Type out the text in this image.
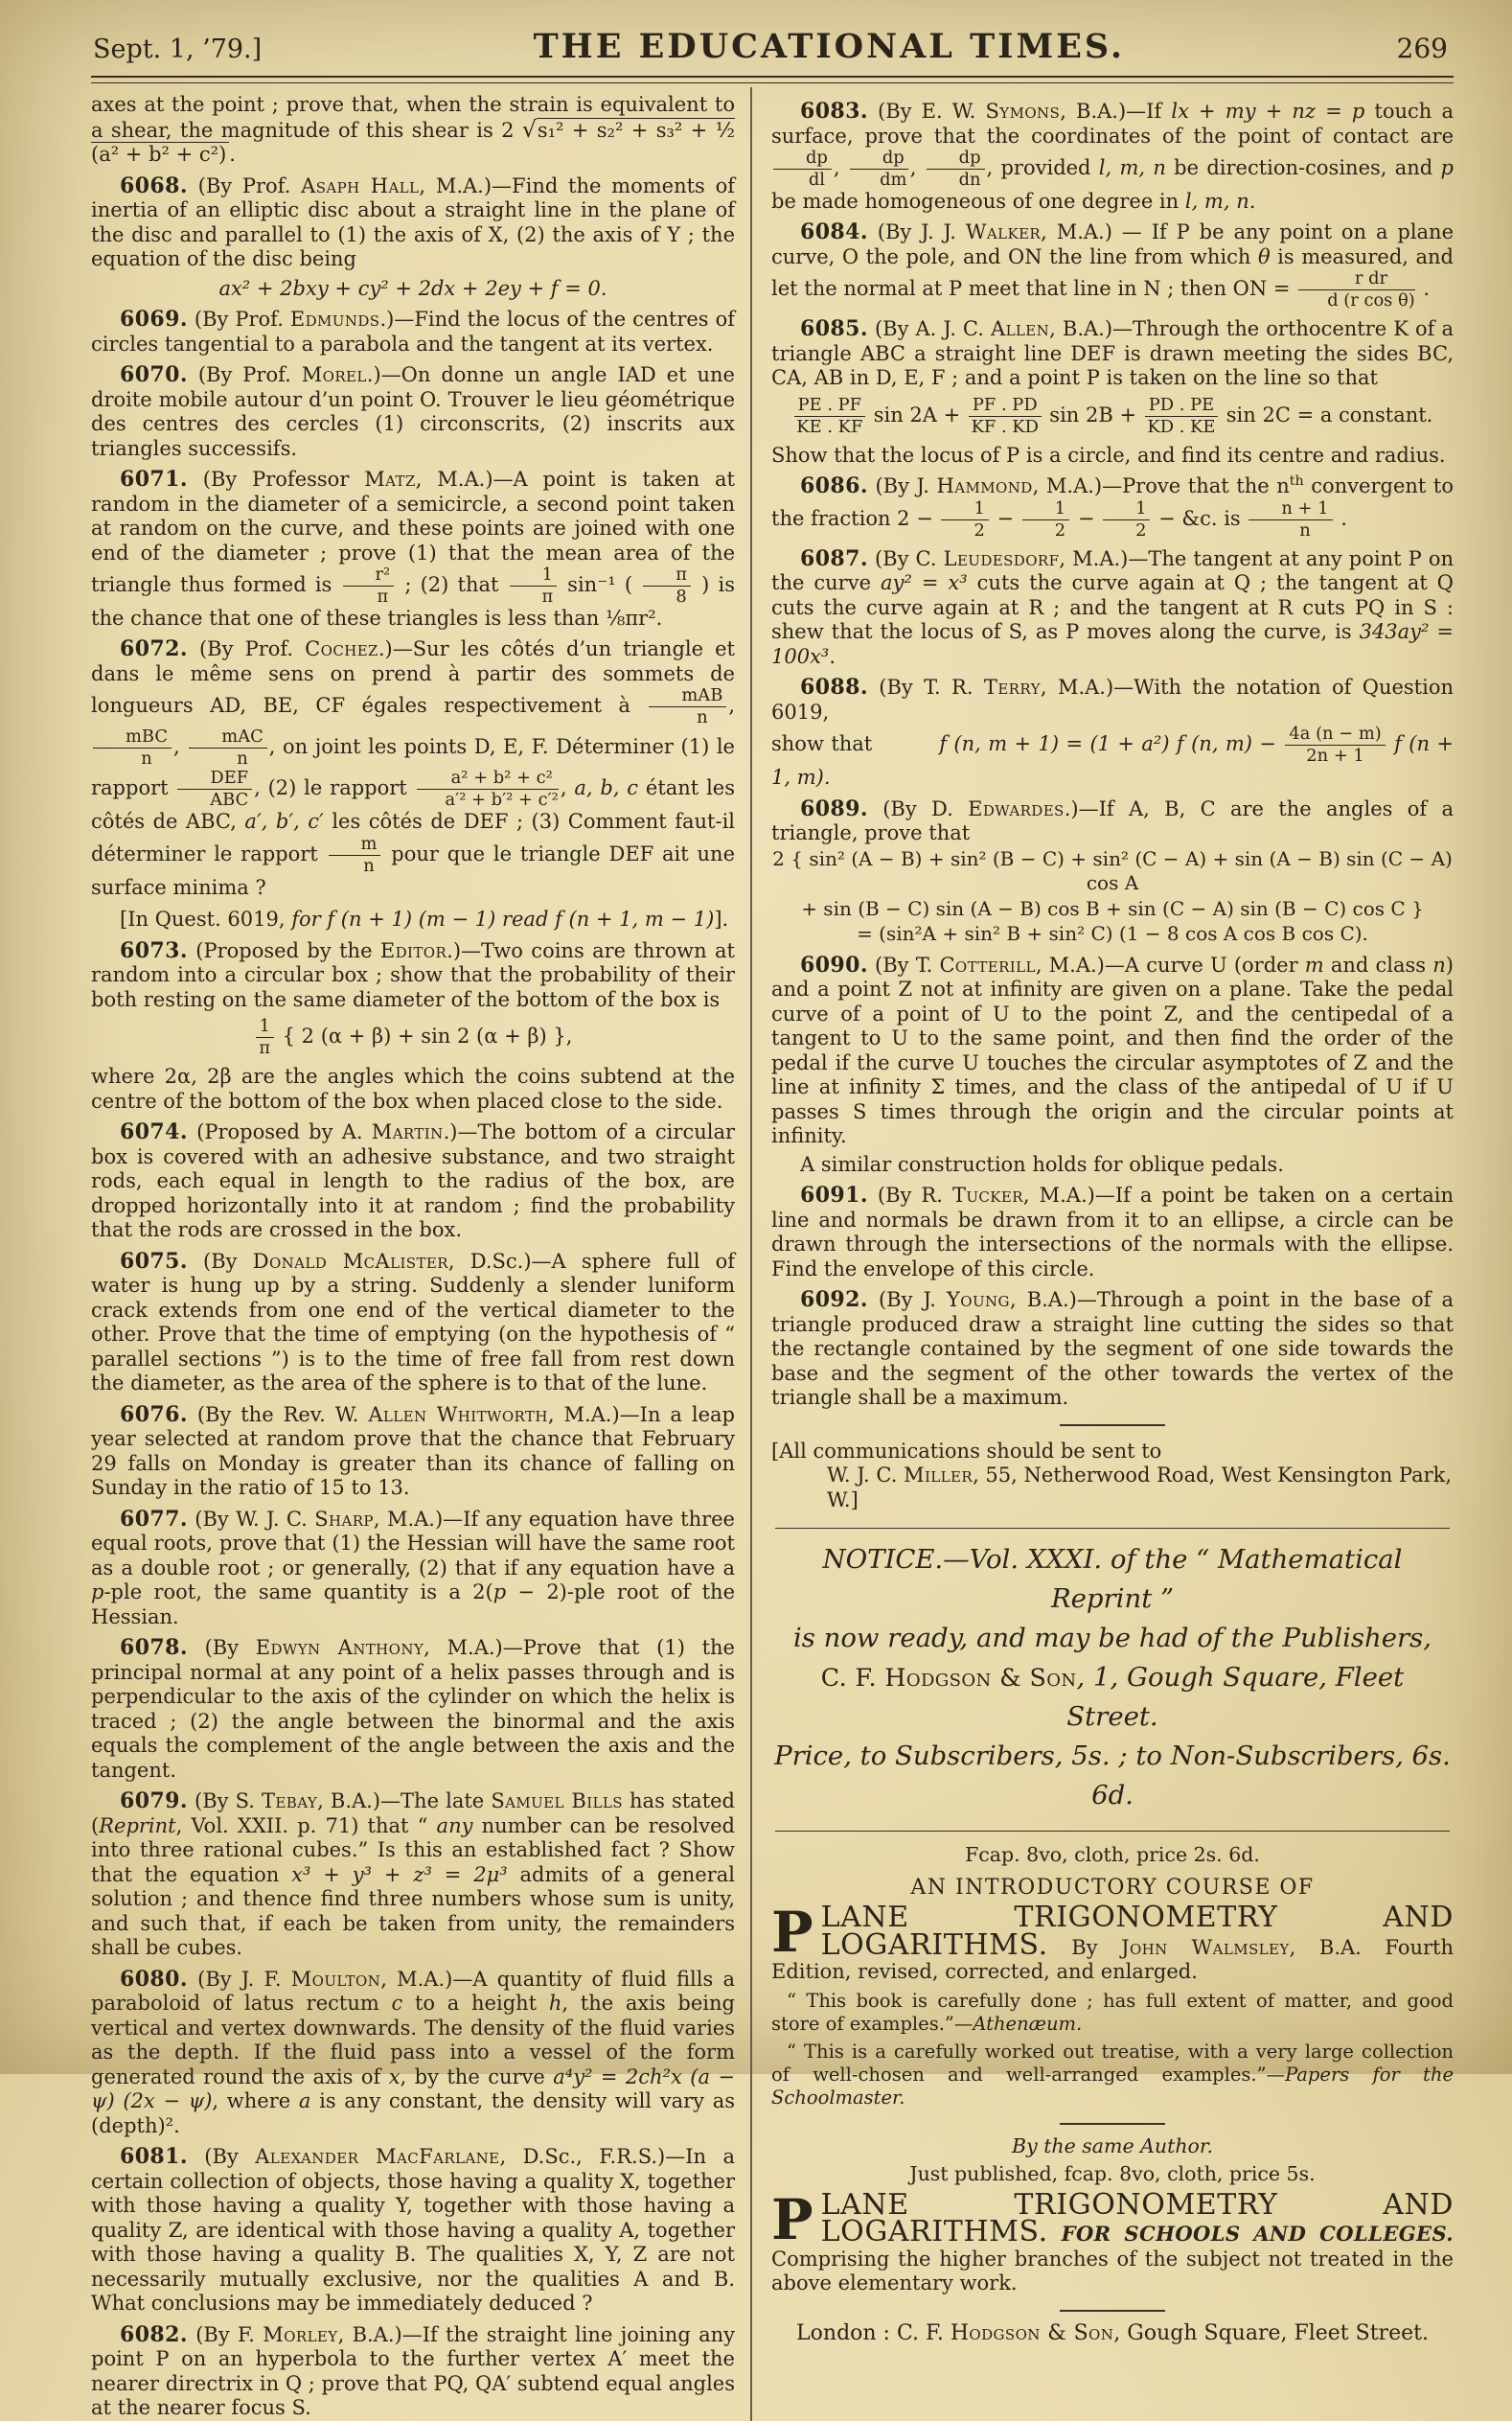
Sept. 1, ’79.]	THE EDUCATIONAL TIMES.	269
axes at the point ; prove that, when the strain is equivalent to a shear, the magnitude of this shear is 2 √s₁² + s₂² + s₃² + ½ (a² + b² + c²) .
6068. (By Prof. Asaph Hall, M.A.)—Find the moments of inertia of an elliptic disc about a straight line in the plane of the disc and parallel to (1) the axis of X, (2) the axis of Y ; the equation of the disc being
ax² + 2bxy + cy² + 2dx + 2ey + f = 0.
6069. (By Prof. Edmunds.)—Find the locus of the centres of circles tangential to a parabola and the tangent at its vertex.
6070. (By Prof. Morel.)—On donne un angle IAD et une droite mobile autour d’un point O. Trouver le lieu géométrique des centres des cercles (1) circonscrits, (2) inscrits aux triangles successifs.
6071. (By Professor Matz, M.A.)—A point is taken at random in the diameter of a semicircle, a second point taken at random on the curve, and these points are joined with one end of the diameter ; prove (1) that the mean area of the triangle thus formed is $\frac{\text{r²}}{\pi}$ ; (2) that $\frac{1}{\pi} \sin^{-1}$ ( $\frac{\pi}{8}$ ) is the chance that one of these triangles is less than ⅛πr².
6072. (By Prof. Cochez.)—Sur les côtés d’un triangle et dans le même sens on prend à partir des sommets de longueurs AD, BE, CF égales respectivement à $\frac{\text{mAB}}{n}$ ,
$\frac{\text{mBC}}{n}$ , $\frac{\text{mAC}}{n}$ , on joint les points D, E, F. Déterminer (1) le rapport $\frac{\text{DEF}}{\text{ABC}}$ , (2) le rapport $\frac{\text{a² + b² + c²}}{\text{a′² + b′² + c′²}}$ , a, b, c étant les côtés de ABC, a′, b′, c′ les côtés de DEF ; (3) Comment faut-il déterminer le rapport $\frac{m}{n}$ pour que le triangle DEF ait une surface minima ?
[In Quest. 6019, for f (n + 1) (m − 1) read f (n + 1, m − 1)].
6073. (Proposed by the Editor.)—Two coins are thrown at random into a circular box ; show that the probability of their both resting on the same diameter of the bottom of the box is
$\frac{1}{\pi}$ { 2 (α + β) + sin 2 (α + β) },
where 2α, 2β are the angles which the coins subtend at the centre of the bottom of the box when placed close to the side.
6074. (Proposed by A. Martin.)—The bottom of a circular box is covered with an adhesive substance, and two straight rods, each equal in length to the radius of the box, are dropped horizontally into it at random ; find the probability that the rods are crossed in the box.
6075. (By Donald McAlister, D.Sc.)—A sphere full of water is hung up by a string. Suddenly a slender luniform crack extends from one end of the vertical diameter to the other. Prove that the time of emptying (on the hypothesis of “ parallel sections ”) is to the time of free fall from rest down the diameter, as the area of the sphere is to that of the lune.
6076. (By the Rev. W. Allen Whitworth, M.A.)—In a leap year selected at random prove that the chance that February 29 falls on Monday is greater than its chance of falling on Sunday in the ratio of 15 to 13.
6077. (By W. J. C. Sharp, M.A.)—If any equation have three equal roots, prove that (1) the Hessian will have the same root as a double root ; or generally, (2) that if any equation have a p-ple root, the same quantity is a 2(p − 2)-ple root of the Hessian.
6078. (By Edwyn Anthony, M.A.)—Prove that (1) the principal normal at any point of a helix passes through and is perpendicular to the axis of the cylinder on which the helix is traced ; (2) the angle between the binormal and the axis equals the complement of the angle between the axis and the tangent.
6079. (By S. Tebay, B.A.)—The late Samuel Bills has stated (Reprint, Vol. XXII. p. 71) that “ any number can be resolved into three rational cubes.” Is this an established fact ? Show that the equation x³ + y³ + z³ = 2μ³ admits of a general solution ; and thence find three numbers whose sum is unity, and such that, if each be taken from unity, the remainders shall be cubes.
6080. (By J. F. Moulton, M.A.)—A quantity of fluid fills a paraboloid of latus rectum c to a height h, the axis being vertical and vertex downwards. The density of the fluid varies as the depth. If the fluid pass into a vessel of the form generated round the axis of x, by the curve a⁴y² = 2ch²x (a − ψ) (2x − ψ), where a is any constant, the density will vary as (depth)².
6081. (By Alexander MacFarlane, D.Sc., F.R.S.)—In a certain collection of objects, those having a quality X, together with those having a quality Y, together with those having a quality Z, are identical with those having a quality A, together with those having a quality B. The qualities X, Y, Z are not necessarily mutually exclusive, nor the qualities A and B. What conclusions may be immediately deduced ?
6082. (By F. Morley, B.A.)—If the straight line joining any point P on an hyperbola to the further vertex A′ meet the nearer directrix in Q ; prove that PQ, QA′ subtend equal angles at the nearer focus S.
6083. (By E. W. Symons, B.A.)—If lx + my + nz = p touch a surface, prove that the coordinates of the point of contact are
$\frac{dp}{dl}$ , $\frac{dp}{dm}$ , $\frac{dp}{dn}$ , provided l, m, n be direction-cosines, and p be made homogeneous of one degree in l, m, n.
6084. (By J. J. Walker, M.A.) — If P be any point on a plane curve, O the pole, and ON the line from which θ is measured, and let the normal at P meet that line in N ; then ON = $\frac{\text{r dr}}{\text{d (r cos θ)}}$ .
6085. (By A. J. C. Allen, B.A.)—Through the orthocentre K of a triangle ABC a straight line DEF is drawn meeting the sides BC, CA, AB in D, E, F ; and a point P is taken on the line so that
$\frac{PE . PF}{KE . KF}$ $\sin 2A + \frac{PF . PD}{KF . KD}$ $\sin 2B + \frac{PD . PE}{KD . KE}$ sin 2C = a constant.
Show that the locus of P is a circle, and find its centre and radius.
6086. (By J. Hammond, M.A.)—Prove that the $n^{th}$ convergent to the fraction $2 - \frac{1}{2} - \frac{1}{2} - \frac{1}{2}$ − &c. is $\frac{n + 1}{n}$ .
6087. (By C. Leudesdorf, M.A.)—The tangent at any point P on the curve ay² = x³ cuts the curve again at Q ; the tangent at Q cuts the curve again at R ; and the tangent at R cuts PQ in S : shew that the locus of S, as P moves along the curve, is 343ay² = 100x³.
6088. (By T. R. Terry, M.A.)—With the notation of Question 6019,
show that	f (n, m + 1) = (1 + a²) f (n, $m) - \frac{4a (n - m)}{2n + 1}$ f (n + 1, m).
6089. (By D. Edwardes.)—If A, B, C are the angles of a triangle, prove that
2 { sin² (A − B) + sin² (B − C) + sin² (C − A) + sin (A − B) sin (C − A) cos A
+ sin (B − C) sin (A − B) cos B + sin (C − A) sin (B − C) cos C }
= (sin²A + sin² B + sin² C) (1 − 8 cos A cos B cos C).
6090. (By T. Cotterill, M.A.)—A curve U (order m and class n) and a point Z not at infinity are given on a plane. Take the pedal curve of a point of U to the point Z, and the centipedal of a tangent to U to the same point, and then find the order of the pedal if the curve U touches the circular asymptotes of Z and the line at infinity Σ times, and the class of the antipedal of U if U passes S times through the origin and the circular points at infinity.
A similar construction holds for oblique pedals.
6091. (By R. Tucker, M.A.)—If a point be taken on a certain line and normals be drawn from it to an ellipse, a circle can be drawn through the intersections of the normals with the ellipse. Find the envelope of this circle.
6092. (By J. Young, B.A.)—Through a point in the base of a triangle produced draw a straight line cutting the sides so that the rectangle contained by the segment of one side towards the base and the segment of the other towards the vertex of the triangle shall be a maximum.
[All communications should be sent to
W. J. C. Miller, 55, Netherwood Road, West Kensington Park, W.]
NOTICE.—Vol. XXXI. of the “ Mathematical Reprint ”
is now ready, and may be had of the Publishers,
C. F. Hodgson & Son, 1, Gough Square, Fleet Street.
Price, to Subscribers, 5s. ; to Non-Subscribers, 6s. 6d.
Fcap. 8vo, cloth, price 2s. 6d.
AN INTRODUCTORY COURSE OF
PLANE TRIGONOMETRY AND LOGARITHMS. By John Walmsley, B.A. Fourth Edition, revised, corrected, and enlarged.
“ This book is carefully done ; has full extent of matter, and good store of examples.”—Athenæum.
“ This is a carefully worked out treatise, with a very large collection of well-chosen and well-arranged examples.”—Papers for the Schoolmaster.
By the same Author.
Just published, fcap. 8vo, cloth, price 5s.
PLANE TRIGONOMETRY AND LOGARITHMS. FOR SCHOOLS AND COLLEGES. Comprising the higher branches of the subject not treated in the above elementary work.
London : C. F. Hodgson & Son, Gough Square, Fleet Street.
